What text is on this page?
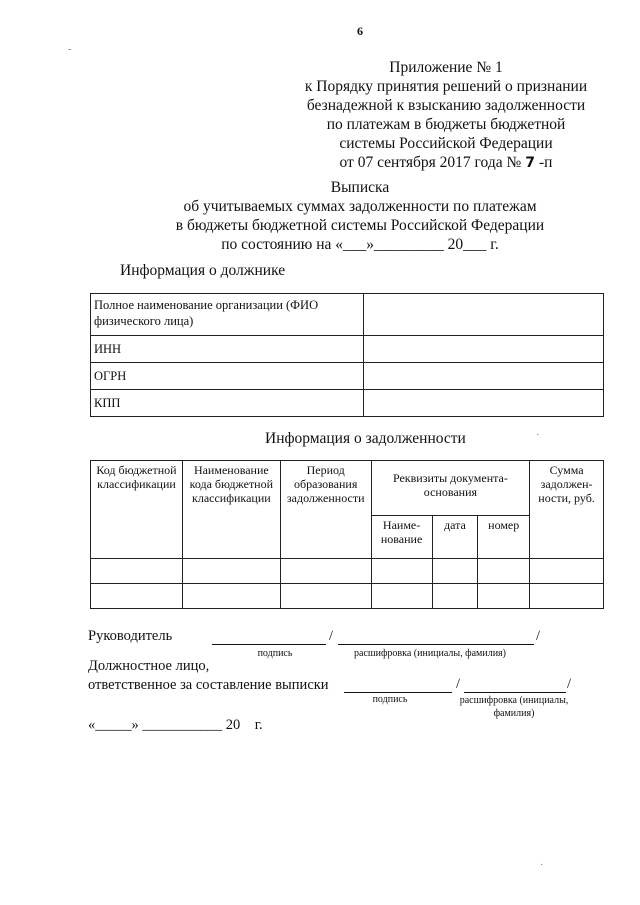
6
Приложение № 1
к Порядку принятия решений о признании
безнадежной к взысканию задолженности
по платежам в бюджеты бюджетной
системы Российской Федерации
от 07 сентября 2017 года № 7 -п
Выписка
об учитываемых суммах задолженности по платежам
в бюджеты бюджетной системы Российской Федерации
по состоянию на «___»_________ 20___ г.
Информация о должнике
Полное наименование организации (ФИО физического лица)	
ИНН	
ОГРН	
КПП	
Информация о задолженности
Код бюджетной классификации	Наименование кода бюджетной классификации	Период образования задолженности	Реквизиты документа-основания			Сумма задолжен-ности, руб.
			Наиме-нование	дата	номер	

Руководитель	/	/
подпись	расшифровка (инициалы, фамилия)
Должностное лицо,
ответственное за составление выписки	/	/
подпись	расшифровка (инициалы, фамилия)
«_____» ___________ 20    г.
-
·
·
